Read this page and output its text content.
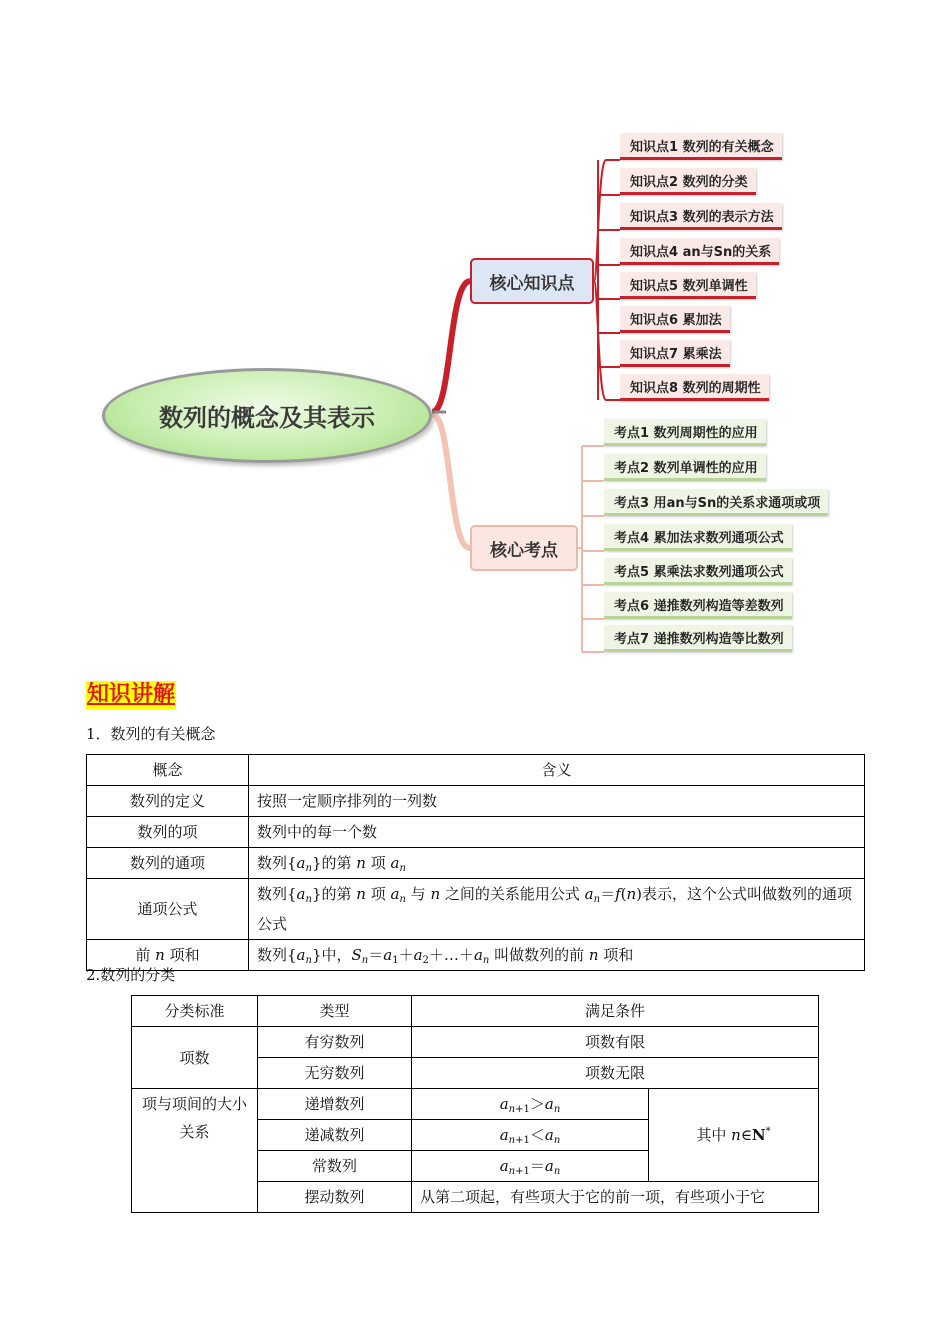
数列的概念及其表示
核心知识点
核心考点
知识点1 数列的有关概念
知识点2 数列的分类
知识点3 数列的表示方法
知识点4 an与Sn的关系
知识点5 数列单调性
知识点6 累加法
知识点7 累乘法
知识点8 数列的周期性
考点1 数列周期性的应用
考点2 数列单调性的应用
考点3 用an与Sn的关系求通项或项
考点4 累加法求数列通项公式
考点5 累乘法求数列通项公式
考点6 递推数列构造等差数列
考点7 递推数列构造等比数列
知识讲解
1．数列的有关概念
概念	含义
数列的定义	按照一定顺序排列的一列数
数列的项	数列中的每一个数
数列的通项	数列$\{a_n\}$的第 n 项 $a_n$
通项公式	数列$\{a_n\}$的第 n 项 $a_n$ 与 n 之间的关系能用公式 $a_n=f(n)$表示，这个公式叫做数列的通项公式
前 n 项和	数列$\{a_n\}$中，$S_n=a_1+a_2+\dots+a_n$ 叫做数列的前 n 项和
2.数列的分类
分类标准	类型	满足条件	
项数	有穷数列	项数有限	
	无穷数列	项数无限	
项与项间的大小关系	递增数列	$a_{n+1}>a_n$	其中 n∈N*
	递减数列	$a_{n+1}<a_n$
	常数列	$a_{n+1}=a_n$
	摆动数列	从第二项起，有些项大于它的前一项，有些项小于它	
